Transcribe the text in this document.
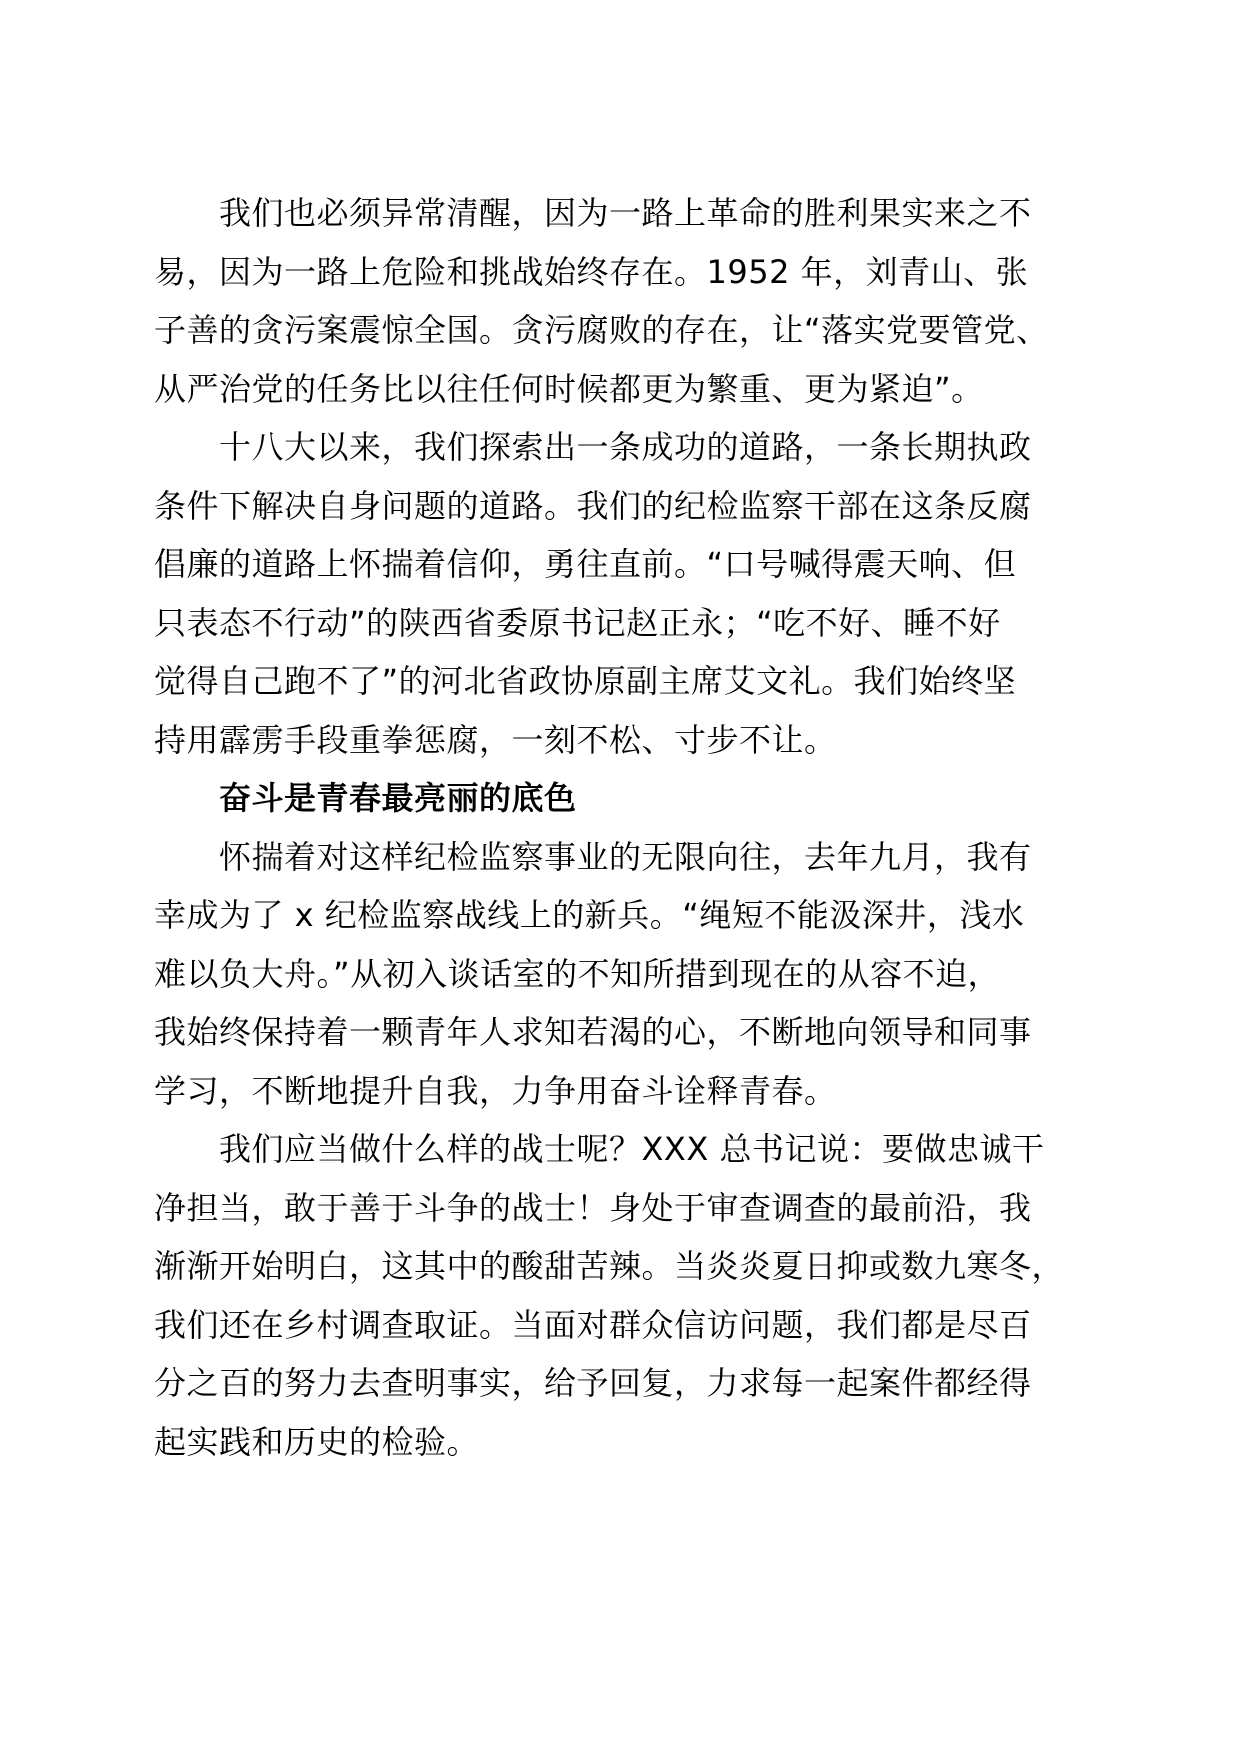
我们也必须异常清醒，因为一路上革命的胜利果实来之不
易，因为一路上危险和挑战始终存在。1952 年，刘青山、张
子善的贪污案震惊全国。贪污腐败的存在，让“落实党要管党、
从严治党的任务比以往任何时候都更为繁重、更为紧迫”。
十八大以来，我们探索出一条成功的道路，一条长期执政
条件下解决自身问题的道路。我们的纪检监察干部在这条反腐
倡廉的道路上怀揣着信仰，勇往直前。“口号喊得震天响、但
只表态不行动”的陕西省委原书记赵正永；“吃不好、睡不好
觉得自己跑不了”的河北省政协原副主席艾文礼。我们始终坚
持用霹雳手段重拳惩腐，一刻不松、寸步不让。
奋斗是青春最亮丽的底色
怀揣着对这样纪检监察事业的无限向往，去年九月，我有
幸成为了 x 纪检监察战线上的新兵。“绳短不能汲深井，浅水
难以负大舟。”从初入谈话室的不知所措到现在的从容不迫，
我始终保持着一颗青年人求知若渴的心，不断地向领导和同事
学习，不断地提升自我，力争用奋斗诠释青春。
我们应当做什么样的战士呢？XXX 总书记说：要做忠诚干
净担当，敢于善于斗争的战士！身处于审查调查的最前沿，我
渐渐开始明白，这其中的酸甜苦辣。当炎炎夏日抑或数九寒冬，
我们还在乡村调查取证。当面对群众信访问题，我们都是尽百
分之百的努力去查明事实，给予回复，力求每一起案件都经得
起实践和历史的检验。
